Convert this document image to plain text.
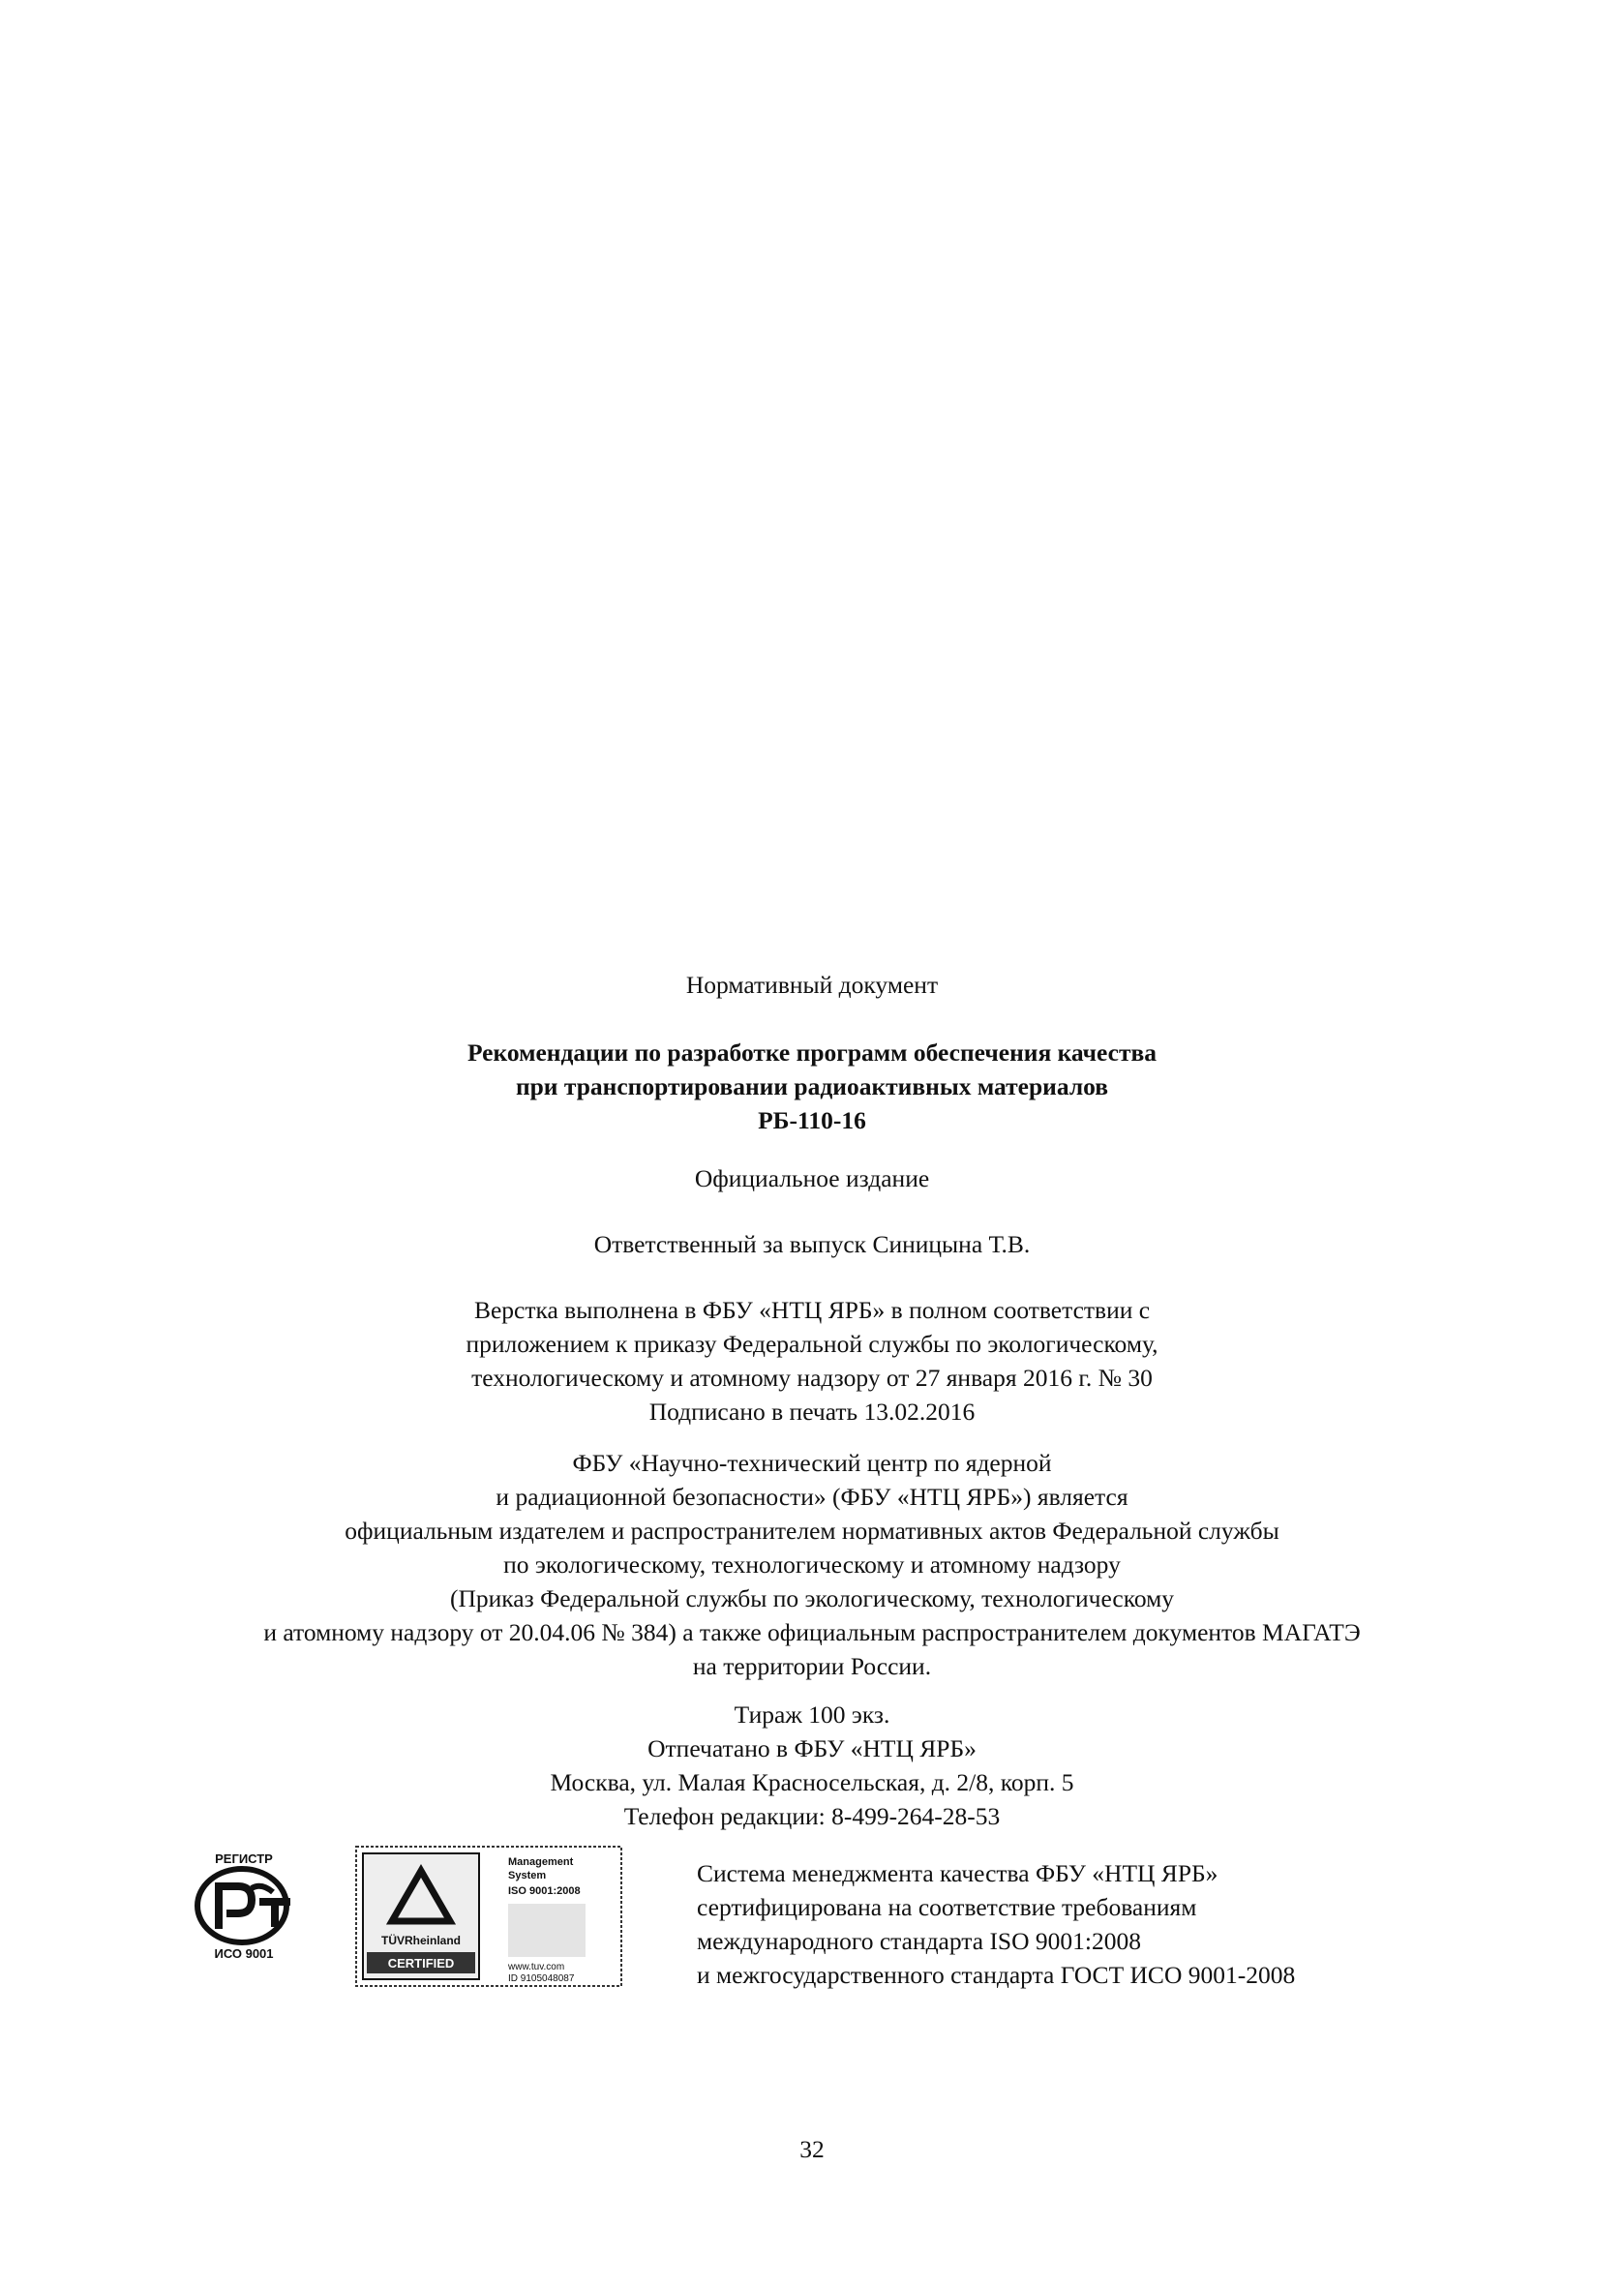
Нормативный документ
Рекомендации по разработке программ обеспечения качества
при транспортировании радиоактивных материалов
РБ-110-16
Официальное издание
Ответственный за выпуск Синицына Т.В.
Верстка выполнена в ФБУ «НТЦ ЯРБ» в полном соответствии с
приложением к приказу Федеральной службы по экологическому,
технологическому и атомному надзору от 27 января 2016 г. № 30
Подписано в печать 13.02.2016
ФБУ «Научно-технический центр по ядерной
и радиационной безопасности» (ФБУ «НТЦ ЯРБ») является
официальным издателем и распространителем нормативных актов Федеральной службы
по экологическому, технологическому и атомному надзору
(Приказ Федеральной службы по экологическому, технологическому
и атомному надзору от 20.04.06 № 384) а также официальным распространителем документов МАГАТЭ
на территории России.
Тираж 100 экз.
Отпечатано в ФБУ «НТЦ ЯРБ»
Москва, ул. Малая Красносельская, д. 2/8, корп. 5
Телефон редакции: 8-499-264-28-53
РЕГИСТР
ИСО 9001
TÜVRheinland
CERTIFIED
Management
System
ISO 9001:2008
www.tuv.com
ID 9105048087
Система менеджмента качества ФБУ «НТЦ ЯРБ»
сертифицирована на соответствие требованиям
международного стандарта ISO 9001:2008
и межгосударственного стандарта ГОСТ ИСО 9001-2008
32
